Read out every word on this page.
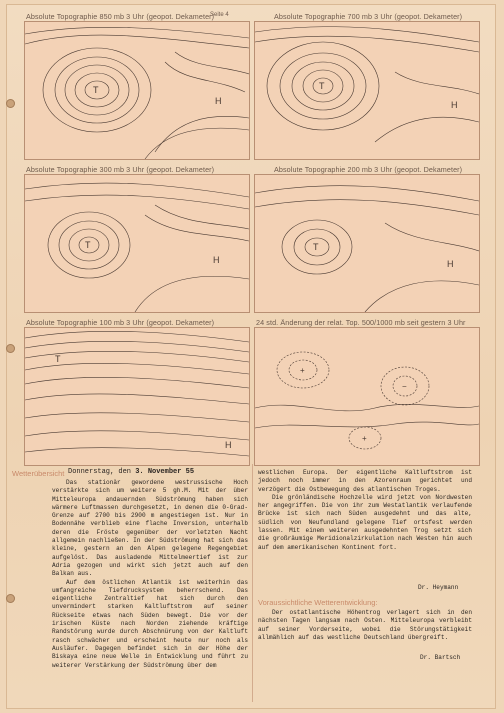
Absolute Topographie 850 mb 3 Uhr (geopot. Dekameter)
Seite 4
T
H
Absolute Topographie 700 mb 3 Uhr (geopot. Dekameter)
T
H
Absolute Topographie 300 mb 3 Uhr (geopot. Dekameter)
T
H
Absolute Topographie 200 mb 3 Uhr (geopot. Dekameter)
T
H
Absolute Topographie 100 mb 3 Uhr (geopot. Dekameter)
T
H
24 std. Änderung der relat. Top. 500/1000 mb seit gestern 3 Uhr
+
−
+
Wetterübersicht Donnerstag, den 3. November 55

Das stationär gewordene westrussische Hoch verstärkte sich um weitere 5 gh.M. Mit der über Mitteleuropa andauernden Südströmung haben sich wärmere Luftmassen durchgesetzt, in denen die 0-Grad-Grenze auf 2700 bis 2900 m angestiegen ist. Nur in Bodennähe verblieb eine flache Inversion, unterhalb deren die Fröste gegenüber der vorletzten Nacht allgemein nachließen. In der Südströmung hat sich das kleine, gestern an den Alpen gelegene Regengebiet aufgelöst. Das ausladende Mittelmeertief ist zur Adria gezogen und wirkt sich jetzt auch auf den Balkan aus.

Auf dem östlichen Atlantik ist weiterhin das umfangreiche Tiefdrucksystem beherrschend. Das eigentliche Zentraltief hat sich durch den unvermindert starken Kaltluftstrom auf seiner Rückseite etwas nach Süden bewegt. Die vor der irischen Küste nach Norden ziehende kräftige Randstörung wurde durch Abschnürung von der Kaltluft rasch schwächer und erscheint heute nur noch als Ausläufer. Dagegen befindet sich in der Höhe der Biskaya eine neue Welle in Entwicklung und führt zu weiterer Verstärkung der Südströmung über dem

westlichen Europa. Der eigentliche Kaltluftstrom ist jedoch noch immer in den Azorenraum gerichtet und verzögert die Ostbewegung des atlantischen Troges.

Die grönländische Hochzelle wird jetzt von Nordwesten her angegriffen. Die von ihr zum Westatlantik verlaufende Brücke ist sich nach Süden ausgedehnt und das alte, südlich von Neufundland gelegene Tief ortsfest werden lassen. Mit einem weiteren ausgedehnten Trog setzt sich die großräumige Meridionalzirkulation nach Westen hin auch auf dem amerikanischen Kontinent fort.

Dr. Heymann
Voraussichtliche Wetterentwicklung:

Der ostatlantische Höhentrog verlagert sich in den nächsten Tagen langsam nach Osten. Mitteleuropa verbleibt auf seiner Vorderseite, wobei die Störungstätigkeit allmählich auf das westliche Deutschland übergreift.

Dr. Bartsch
